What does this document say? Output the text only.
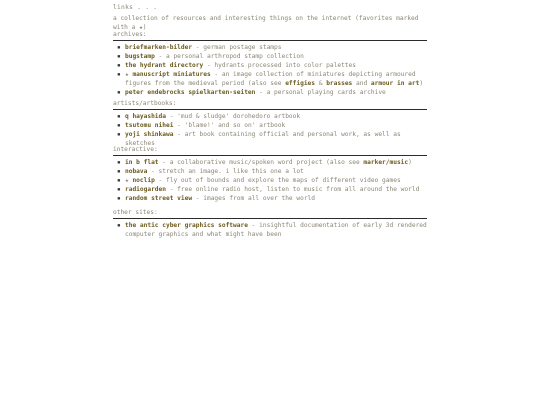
links . . .
a collection of resources and interesting things on the internet (favorites marked with a ★)
archives:
▪ briefmarken-bilder - german postage stamps
▪ bugstamp - a personal arthropod stamp collection
▪ the hydrant directory - hydrants processed into color palettes
▪ ★ manuscript miniatures - an image collection of miniatures depicting armoured figures from the medieval period (also see effigies & brasses and armour in art)
▪ peter endebrocks spielkarten-seiten - a personal playing cards archive
artists/artbooks:
▪ q hayashida - 'mud & sludge' dorohedoro artbook
▪ tsutomu nihei - 'blame!' and so on' artbook
▪ yoji shinkawa - art book containing official and personal work, as well as sketches
interactive:
▪ in b flat - a collaborative music/spoken word project (also see marker/music)
▪ nobava - stretch an image. i like this one a lot
▪ ★ noclip - fly out of bounds and explore the maps of different video games
▪ radiogarden - free online radio host, listen to music from all around the world
▪ random street view - images from all over the world
other sites:
▪ the antic cyber graphics software - insightful documentation of early 3d rendered computer graphics and what might have been
